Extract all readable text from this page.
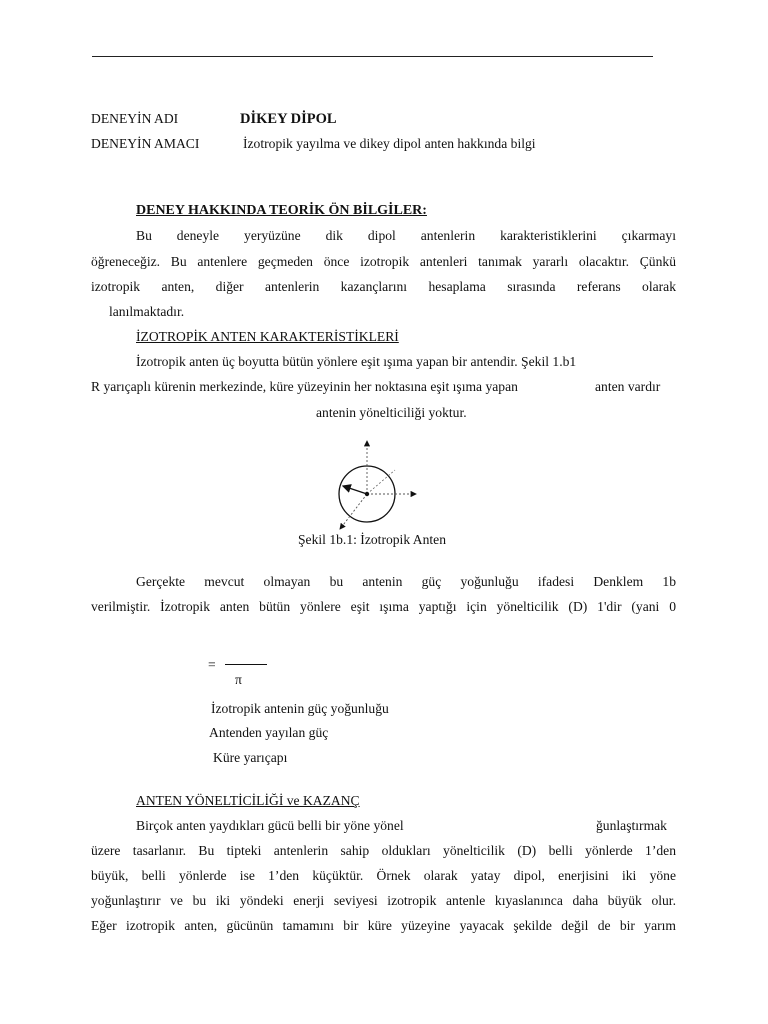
DENEYİN ADI	DİKEY DİPOL
DENEYİN AMACI	İzotropik yayılma ve dikey dipol anten hakkında bilgi
DENEY HAKKINDA TEORİK ÖN BİLGİLER:
Bu deneyle yeryüzüne dik dipol antenlerin karakteristiklerini çıkarmayı
öğreneceğiz. Bu antenlere geçmeden önce izotropik antenleri tanımak yararlı olacaktır. Çünkü
izotropik anten, diğer antenlerin kazançlarını hesaplama sırasında referans olarak
lanılmaktadır.
İZOTROPİK ANTEN KARAKTERİSTİKLERİ
İzotropik anten üç boyutta bütün yönlere eşit ışıma yapan bir antendir. Şekil 1.b1
R yarıçaplı kürenin merkezinde, küre yüzeyinin her noktasına eşit ışıma yapan	anten vardır
antenin yönelticiliği yoktur.
Şekil 1b.1: İzotropik Anten
Gerçekte mevcut olmayan bu antenin güç yoğunluğu ifadesi Denklem 1b
verilmiştir. İzotropik anten bütün yönlere eşit ışıma yaptığı için yönelticilik (D) 1'dir (yani 0
=
π
İzotropik antenin güç yoğunluğu
Antenden yayılan güç
Küre yarıçapı
ANTEN YÖNELTİCİLİĞİ ve KAZANÇ
Birçok anten yaydıkları gücü belli bir yöne yönel	ğunlaştırmak
üzere tasarlanır. Bu tipteki antenlerin sahip oldukları yönelticilik (D) belli yönlerde 1’den
büyük, belli yönlerde ise 1’den küçüktür. Örnek olarak yatay dipol, enerjisini iki yöne
yoğunlaştırır ve bu iki yöndeki enerji seviyesi izotropik antenle kıyaslanınca daha büyük olur.
Eğer izotropik anten, gücünün tamamını bir küre yüzeyine yayacak şekilde değil de bir yarım
